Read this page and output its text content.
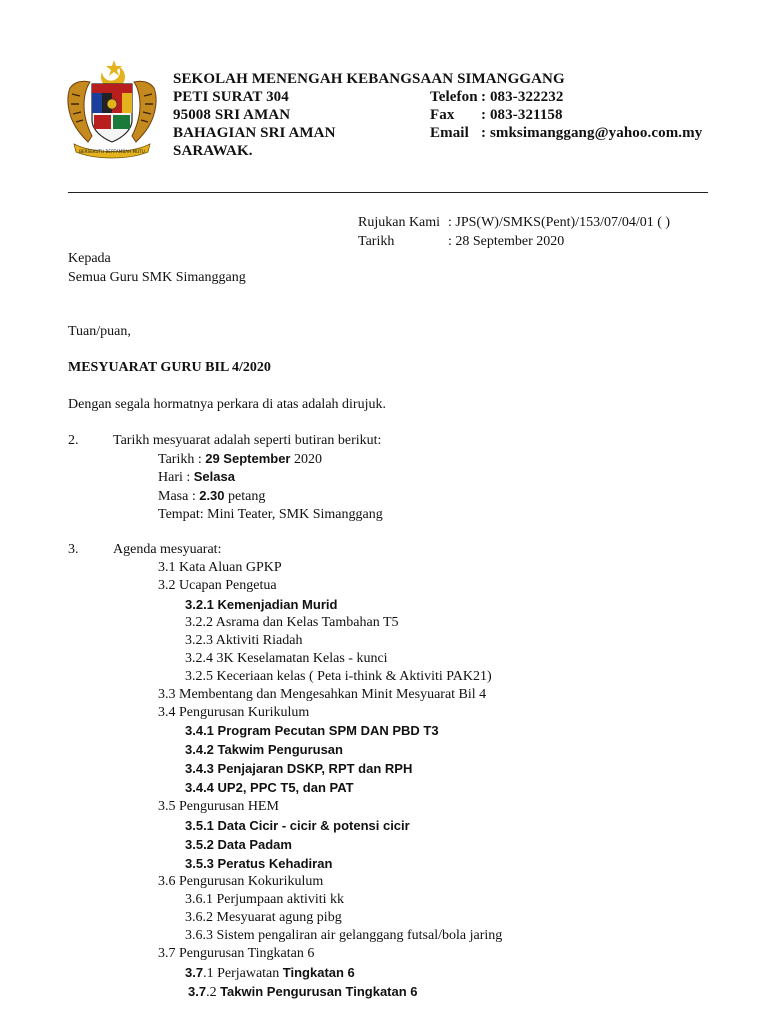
BERSEKUTU BERTAMBAH MUTU
SEKOLAH MENENGAH KEBANGSAAN SIMANGGANG
PETI SURAT 304
95008 SRI AMAN
BAHAGIAN SRI AMAN
SARAWAK.
Telefon : 083-322232
Fax : 083-321158
Email : smksimanggang@yahoo.com.my
Rujukan Kami : JPS(W)/SMKS(Pent)/153/07/04/01 ( )
Tarikh	: 28 September 2020
Kepada
Semua Guru SMK Simanggang
Tuan/puan,
MESYUARAT GURU BIL 4/2020
Dengan segala hormatnya perkara di atas adalah dirujuk.
2. Tarikh mesyuarat adalah seperti butiran berikut:
Tarikh : 29 September 2020
Hari : Selasa
Masa : 2.30 petang
Tempat: Mini Teater, SMK Simanggang
3. Agenda mesyuarat:
3.1 Kata Aluan GPKP
3.2 Ucapan Pengetua
3.2.1 Kemenjadian Murid
3.2.2 Asrama dan Kelas Tambahan T5
3.2.3 Aktiviti Riadah
3.2.4 3K Keselamatan Kelas - kunci
3.2.5 Keceriaan kelas ( Peta i-think & Aktiviti PAK21)
3.3 Membentang dan Mengesahkan Minit Mesyuarat Bil 4
3.4 Pengurusan Kurikulum
3.4.1 Program Pecutan SPM DAN PBD T3
3.4.2 Takwim Pengurusan
3.4.3 Penjajaran DSKP, RPT dan RPH
3.4.4 UP2, PPC T5, dan PAT
3.5 Pengurusan HEM
3.5.1 Data Cicir - cicir & potensi cicir
3.5.2 Data Padam
3.5.3 Peratus Kehadiran
3.6 Pengurusan Kokurikulum
3.6.1 Perjumpaan aktiviti kk
3.6.2 Mesyuarat agung pibg
3.6.3 Sistem pengaliran air gelanggang futsal/bola jaring
3.7 Pengurusan Tingkatan 6
3.7.1 Perjawatan Tingkatan 6
3.7.2 Takwin Pengurusan Tingkatan 6
